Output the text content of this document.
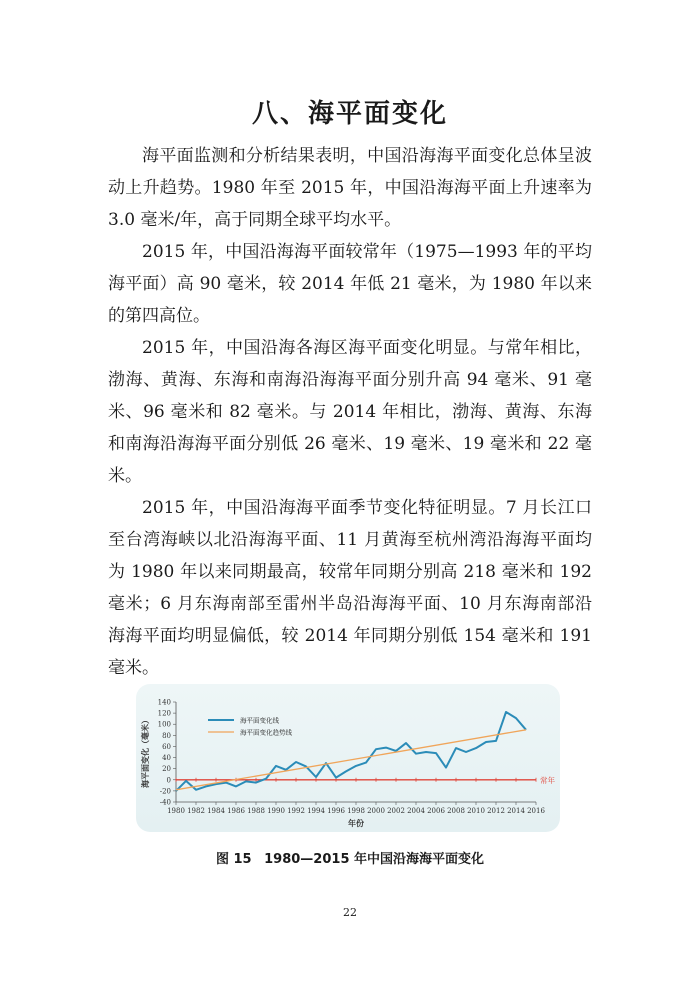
八、海平面变化

海平面监测和分析结果表明，中国沿海海平面变化总体呈波动上升趋势。1980 年至 2015 年，中国沿海海平面上升速率为 3.0 毫米/年，高于同期全球平均水平。

2015 年，中国沿海海平面较常年（1975—1993 年的平均海平面）高 90 毫米，较 2014 年低 21 毫米，为 1980 年以来的第四高位。

2015 年，中国沿海各海区海平面变化明显。与常年相比，渤海、黄海、东海和南海沿海海平面分别升高 94 毫米、91 毫米、96 毫米和 82 毫米。与 2014 年相比，渤海、黄海、东海和南海沿海海平面分别低 26 毫米、19 毫米、19 毫米和 22 毫米。

2015 年，中国沿海海平面季节变化特征明显。7 月长江口至台湾海峡以北沿海海平面、11 月黄海至杭州湾沿海海平面均为 1980 年以来同期最高，较常年同期分别高 218 毫米和 192 毫米；6 月东海南部至雷州半岛沿海海平面、10 月东海南部沿海海平面均明显偏低，较 2014 年同期分别低 154 毫米和 191 毫米。

-40
-20
0
20
40
60
80
100
120
140
1980 1982 1984 1986 1988 1990 1992 1994 1996 1998 2000 2002 2004 2006 2008 2010 2012 2014 2016
年份
海平面变化（毫米）	常年
海平面变化线
海平面变化趋势线
图 15 1980—2015 年中国沿海海平面变化
22
